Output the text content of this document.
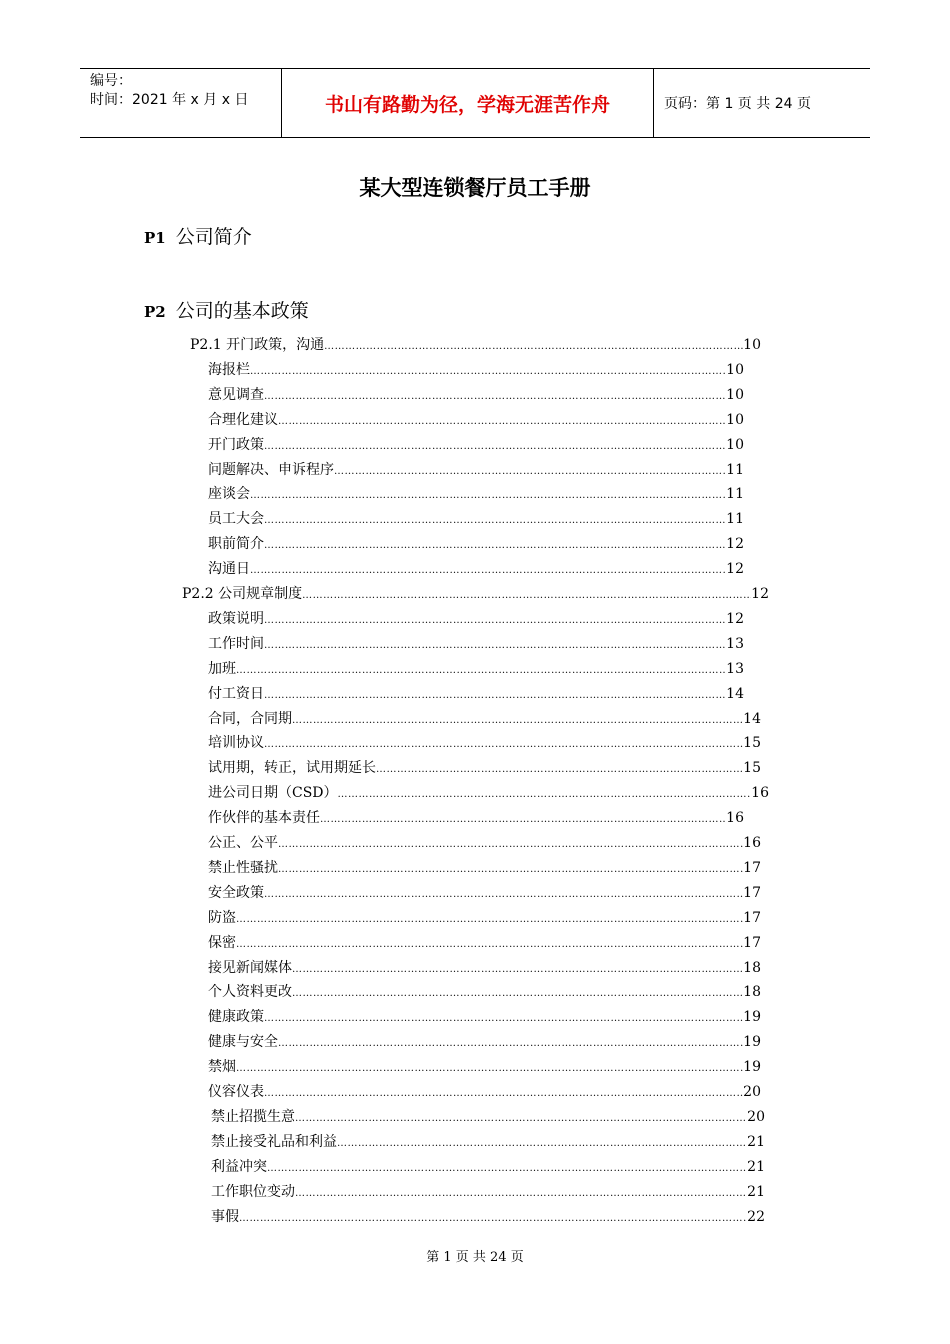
编号：
时间：2021 年 x 月 x 日	书山有路勤为径，学海无涯苦作舟	页码：第 1 页 共 24 页
某大型连锁餐厅员工手册
P1 公司简介
P2 公司的基本政策
P2.1 开门政策，沟通 ……………………………………………………………………………………………………………………………………………………………………………………………………………………	10
海报栏 ……………………………………………………………………………………………………………………………………………………………………………………………………………………	10
意见调查 ……………………………………………………………………………………………………………………………………………………………………………………………………………………	10
合理化建议 ……………………………………………………………………………………………………………………………………………………………………………………………………………………	10
开门政策 ……………………………………………………………………………………………………………………………………………………………………………………………………………………	10
问题解决、申诉程序 ……………………………………………………………………………………………………………………………………………………………………………………………………………………	11
座谈会 ……………………………………………………………………………………………………………………………………………………………………………………………………………………	11
员工大会 ……………………………………………………………………………………………………………………………………………………………………………………………………………………	11
职前简介 ……………………………………………………………………………………………………………………………………………………………………………………………………………………	12
沟通日 ……………………………………………………………………………………………………………………………………………………………………………………………………………………	12
P2.2 公司规章制度 ……………………………………………………………………………………………………………………………………………………………………………………………………………………	12
政策说明 ……………………………………………………………………………………………………………………………………………………………………………………………………………………	12
工作时间 ……………………………………………………………………………………………………………………………………………………………………………………………………………………	13
加班 ……………………………………………………………………………………………………………………………………………………………………………………………………………………	13
付工资日 ……………………………………………………………………………………………………………………………………………………………………………………………………………………	14
合同，合同期 ……………………………………………………………………………………………………………………………………………………………………………………………………………………	14
培训协议 ……………………………………………………………………………………………………………………………………………………………………………………………………………………	15
试用期，转正，试用期延长 ……………………………………………………………………………………………………………………………………………………………………………………………………………………	15
进公司日期（CSD） ……………………………………………………………………………………………………………………………………………………………………………………………………………………	16
作伙伴的基本责任 ……………………………………………………………………………………………………………………………………………………………………………………………………………………	16
公正、公平 ……………………………………………………………………………………………………………………………………………………………………………………………………………………	16
禁止性骚扰 ……………………………………………………………………………………………………………………………………………………………………………………………………………………	17
安全政策 ……………………………………………………………………………………………………………………………………………………………………………………………………………………	17
防盗 ……………………………………………………………………………………………………………………………………………………………………………………………………………………	17
保密 ……………………………………………………………………………………………………………………………………………………………………………………………………………………	17
接见新闻媒体 ……………………………………………………………………………………………………………………………………………………………………………………………………………………	18
个人资料更改 ……………………………………………………………………………………………………………………………………………………………………………………………………………………	18
健康政策 ……………………………………………………………………………………………………………………………………………………………………………………………………………………	19
健康与安全 ……………………………………………………………………………………………………………………………………………………………………………………………………………………	19
禁烟 ……………………………………………………………………………………………………………………………………………………………………………………………………………………	19
仪容仪表 ……………………………………………………………………………………………………………………………………………………………………………………………………………………	20
禁止招揽生意 ……………………………………………………………………………………………………………………………………………………………………………………………………………………	20
禁止接受礼品和利益 ……………………………………………………………………………………………………………………………………………………………………………………………………………………	21
利益冲突 ……………………………………………………………………………………………………………………………………………………………………………………………………………………	21
工作职位变动 ……………………………………………………………………………………………………………………………………………………………………………………………………………………	21
事假 ……………………………………………………………………………………………………………………………………………………………………………………………………………………	22
第 1 页 共 24 页
